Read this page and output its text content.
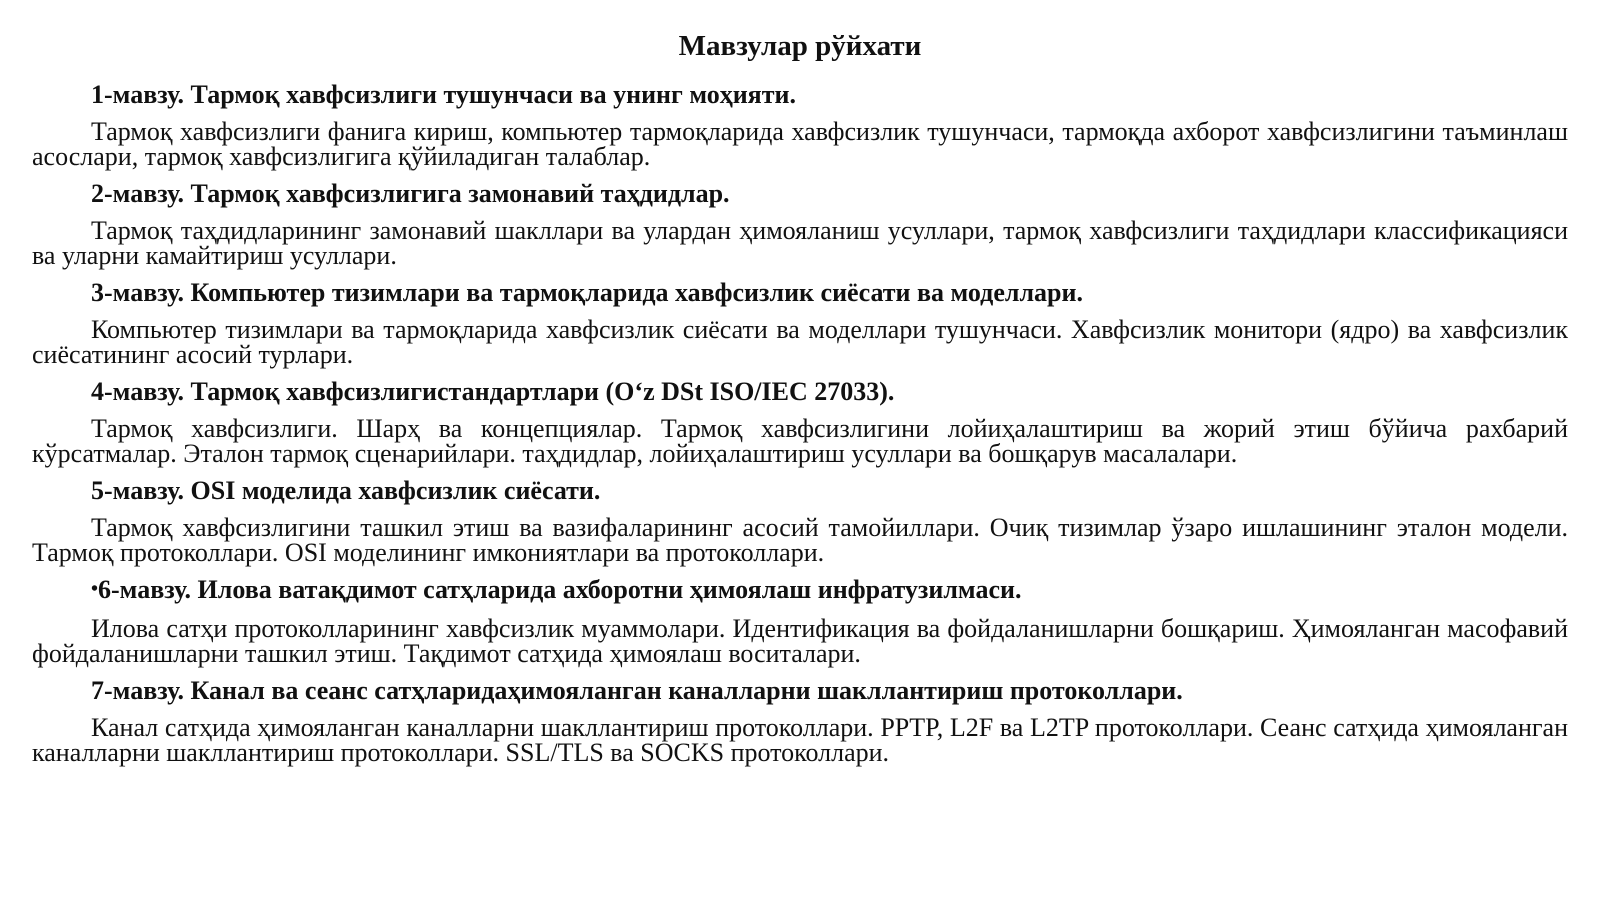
Мавзулар рўйхати

1-мавзу. Тармоқ хавфсизлиги тушунчаси ва унинг моҳияти.

Тармоқ хавфсизлиги фанига кириш, компьютер тармоқларида хавфсизлик тушунчаси, тармоқда ахборот хавфсизлигини таъминлаш асослари, тармоқ хавфсизлигига қўйиладиган талаблар.

2-мавзу. Тармоқ хавфсизлигига замонавий таҳдидлар.

Тармоқ таҳдидларининг замонавий шакллари ва улардан ҳимояланиш усуллари, тармоқ хавфсизлиги таҳдидлари классификацияси ва уларни камайтириш усуллари.

3-мавзу. Компьютер тизимлари ва тармоқларида хавфсизлик сиёсати ва моделлари.

Компьютер тизимлари ва тармоқларида хавфсизлик сиёсати ва моделлари тушунчаси. Хавфсизлик монитори (ядро) ва хавфсизлик сиёсатининг асосий турлари.

4-мавзу. Тармоқ хавфсизлигистандартлари (O‘z DSt ISO/IEC 27033).

Тармоқ хавфсизлиги. Шарҳ ва концепциялар. Тармоқ хавфсизлигини лойиҳалаштириш ва жорий этиш бўйича рахбарий кўрсатмалар. Эталон тармоқ сценарийлари. таҳдидлар, лойиҳалаштириш усуллари ва бошқарув масалалари.

5-мавзу. OSI моделида хавфсизлик сиёсати.

Тармоқ хавфсизлигини ташкил этиш ва вазифаларининг асосий тамойиллари. Очиқ тизимлар ўзаро ишлашининг эталон модели. Тармоқ протоколлари. OSI моделининг имкониятлари ва протоколлари.

•6-мавзу. Илова ватақдимот сатҳларида ахборотни ҳимоялаш инфратузилмаси.

Илова сатҳи протоколларининг хавфсизлик муаммолари. Идентификация ва фойдаланишларни бошқариш. Ҳимояланган масофавий фойдаланишларни ташкил этиш. Тақдимот сатҳида ҳимоялаш воситалари.

7-мавзу. Канал ва сеанс сатҳларидаҳимояланган каналларни шакллантириш протоколлари.

Канал сатҳида ҳимояланган каналларни шакллантириш протоколлари. PPTP, L2F ва L2TP протоколлари. Сеанс сатҳида ҳимояланган каналларни шакллантириш протоколлари. SSL/TLS ва SOCKS протоколлари.
